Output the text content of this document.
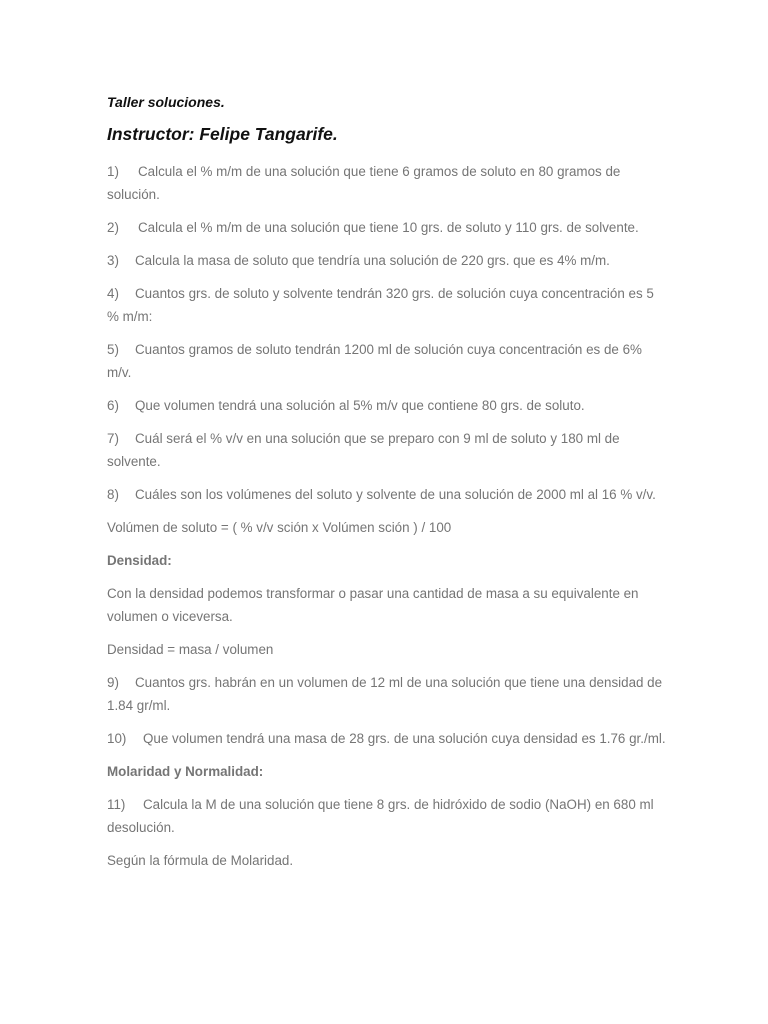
Taller soluciones.
Instructor: Felipe Tangarife.
1) Calcula el % m/m de una solución que tiene 6 gramos de soluto en 80 gramos de solución.
2) Calcula el % m/m de una solución que tiene 10 grs. de soluto y 110 grs. de solvente.
3) Calcula la masa de soluto que tendría una solución de 220 grs. que es 4% m/m.
4) Cuantos grs. de soluto y solvente tendrán 320 grs. de solución cuya concentración es 5 % m/m:
5) Cuantos gramos de soluto tendrán 1200 ml de solución cuya concentración es de 6% m/v.
6) Que volumen tendrá una solución al 5% m/v que contiene 80 grs. de soluto.
7) Cuál será el % v/v en una solución que se preparo con 9 ml de soluto y 180 ml de solvente.
8) Cuáles son los volúmenes del soluto y solvente de una solución de 2000 ml al 16 % v/v.
Volúmen de soluto = ( % v/v sción x Volúmen sción ) / 100
Densidad:
Con la densidad podemos transformar o pasar una cantidad de masa a su equivalente en volumen o viceversa.
Densidad = masa / volumen
9) Cuantos grs. habrán en un volumen de 12 ml de una solución que tiene una densidad de 1.84 gr/ml.
10) Que volumen tendrá una masa de 28 grs. de una solución cuya densidad es 1.76 gr./ml.
Molaridad y Normalidad:
11) Calcula la M de una solución que tiene 8 grs. de hidróxido de sodio (NaOH) en 680 ml desolución.
Según la fórmula de Molaridad.
